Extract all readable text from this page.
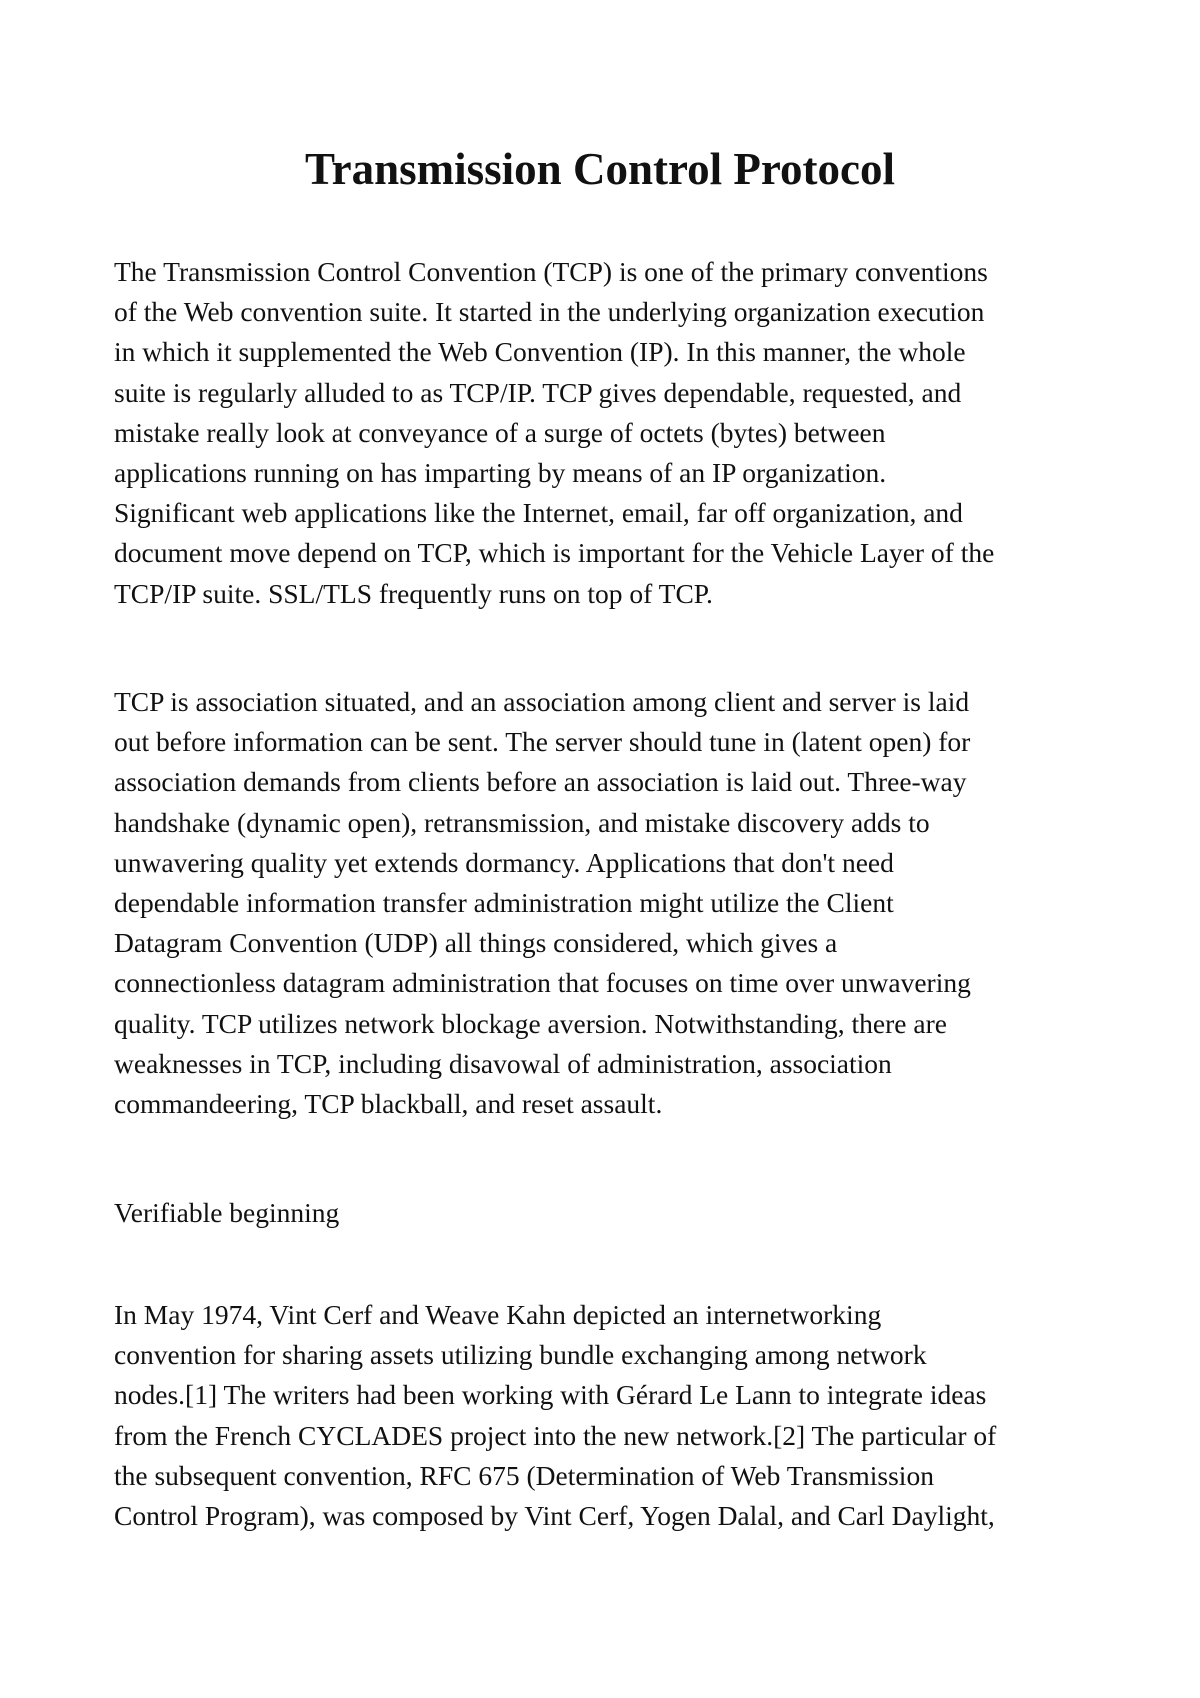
Transmission Control Protocol

The Transmission Control Convention (TCP) is one of the primary conventions
of the Web convention suite. It started in the underlying organization execution
in which it supplemented the Web Convention (IP). In this manner, the whole
suite is regularly alluded to as TCP/IP. TCP gives dependable, requested, and
mistake really look at conveyance of a surge of octets (bytes) between
applications running on has imparting by means of an IP organization.
Significant web applications like the Internet, email, far off organization, and
document move depend on TCP, which is important for the Vehicle Layer of the
TCP/IP suite. SSL/TLS frequently runs on top of TCP.

TCP is association situated, and an association among client and server is laid
out before information can be sent. The server should tune in (latent open) for
association demands from clients before an association is laid out. Three-way
handshake (dynamic open), retransmission, and mistake discovery adds to
unwavering quality yet extends dormancy. Applications that don't need
dependable information transfer administration might utilize the Client
Datagram Convention (UDP) all things considered, which gives a
connectionless datagram administration that focuses on time over unwavering
quality. TCP utilizes network blockage aversion. Notwithstanding, there are
weaknesses in TCP, including disavowal of administration, association
commandeering, TCP blackball, and reset assault.

Verifiable beginning

In May 1974, Vint Cerf and Weave Kahn depicted an internetworking
convention for sharing assets utilizing bundle exchanging among network
nodes.[1] The writers had been working with Gérard Le Lann to integrate ideas
from the French CYCLADES project into the new network.[2] The particular of
the subsequent convention, RFC 675 (Determination of Web Transmission
Control Program), was composed by Vint Cerf, Yogen Dalal, and Carl Daylight,
